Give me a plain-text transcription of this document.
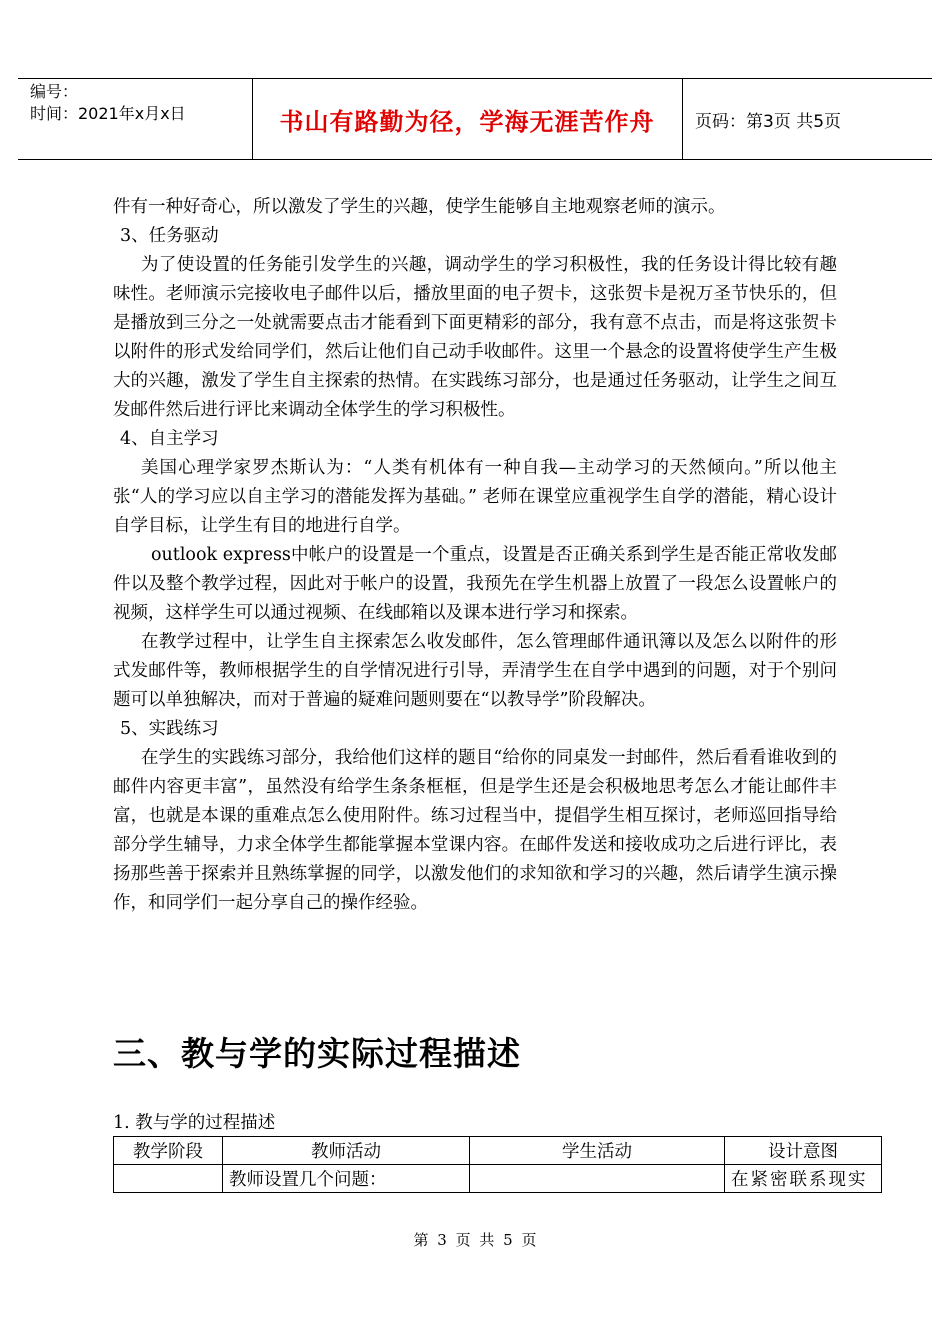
编号：
时间：2021年x月x日	书山有路勤为径，学海无涯苦作舟 页码：第3页 共5页

件有一种好奇心，所以激发了学生的兴趣，使学生能够自主地观察老师的演示。

3、任务驱动

为了使设置的任务能引发学生的兴趣，调动学生的学习积极性，我的任务设计得比较有趣味性。老师演示完接收电子邮件以后，播放里面的电子贺卡，这张贺卡是祝万圣节快乐的，但是播放到三分之一处就需要点击才能看到下面更精彩的部分，我有意不点击，而是将这张贺卡以附件的形式发给同学们，然后让他们自己动手收邮件。这里一个悬念的设置将使学生产生极大的兴趣，激发了学生自主探索的热情。在实践练习部分，也是通过任务驱动，让学生之间互发邮件然后进行评比来调动全体学生的学习积极性。

4、自主学习

美国心理学家罗杰斯认为：“人类有机体有一种自我—主动学习的天然倾向。”所以他主张“人的学习应以自主学习的潜能发挥为基础。” 老师在课堂应重视学生自学的潜能，精心设计自学目标，让学生有目的地进行自学。

outlook express中帐户的设置是一个重点，设置是否正确关系到学生是否能正常收发邮件以及整个教学过程，因此对于帐户的设置，我预先在学生机器上放置了一段怎么设置帐户的视频，这样学生可以通过视频、在线邮箱以及课本进行学习和探索。

在教学过程中，让学生自主探索怎么收发邮件，怎么管理邮件通讯簿以及怎么以附件的形式发邮件等，教师根据学生的自学情况进行引导，弄清学生在自学中遇到的问题，对于个别问题可以单独解决，而对于普遍的疑难问题则要在“以教导学”阶段解决。

5、实践练习

在学生的实践练习部分，我给他们这样的题目“给你的同桌发一封邮件，然后看看谁收到的邮件内容更丰富”，虽然没有给学生条条框框，但是学生还是会积极地思考怎么才能让邮件丰富，也就是本课的重难点怎么使用附件。练习过程当中，提倡学生相互探讨，老师巡回指导给部分学生辅导，力求全体学生都能掌握本堂课内容。在邮件发送和接收成功之后进行评比，表扬那些善于探索并且熟练掌握的同学，以激发他们的求知欲和学习的兴趣，然后请学生演示操作，和同学们一起分享自己的操作经验。

三、教与学的实际过程描述
1. 教与学的过程描述
教学阶段	教师活动	学生活动	设计意图
	教师设置几个问题：		在紧密联系现实
第 3 页 共 5 页
